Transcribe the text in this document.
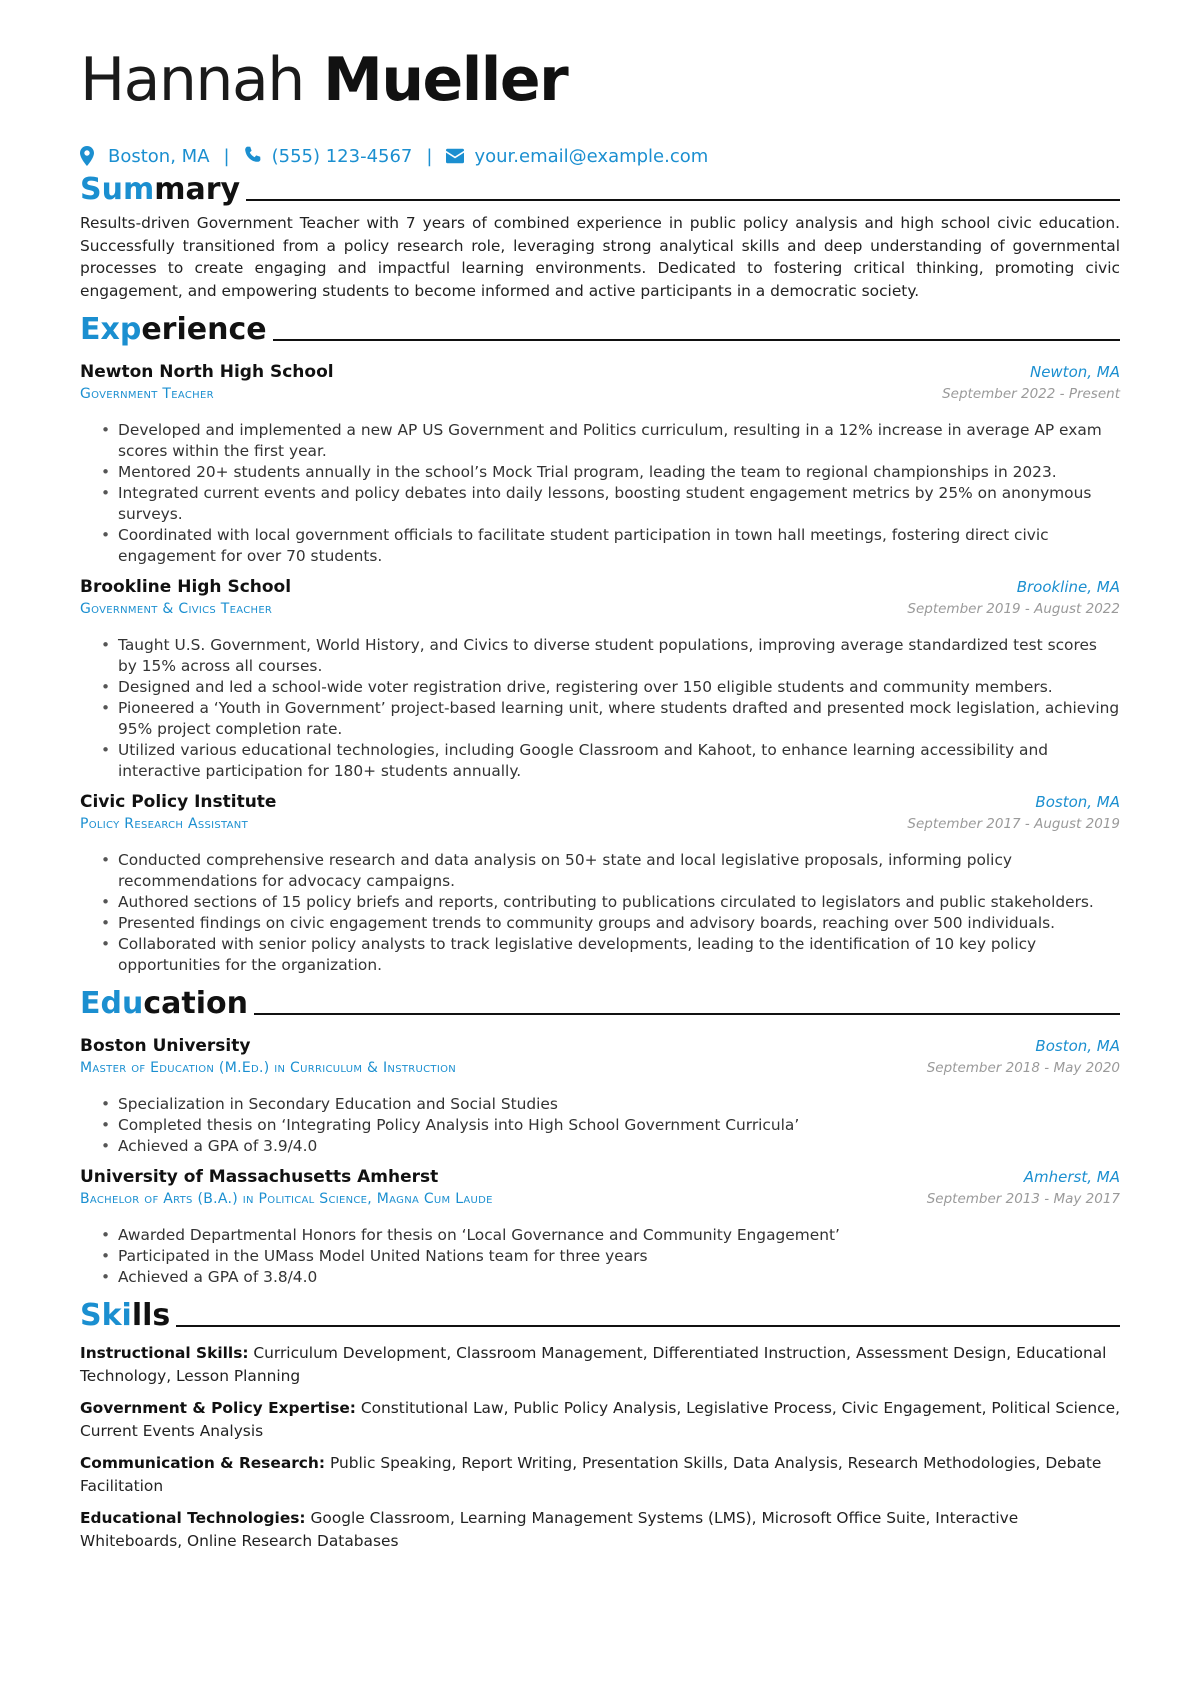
Hannah Mueller
Boston, MA | (555) 123-4567 | your.email@example.com
Summary

Results-driven Government Teacher with 7 years of combined experience in public policy analysis and high school civic education. Successfully transitioned from a policy research role, leveraging strong analytical skills and deep understanding of governmental processes to create engaging and impactful learning environments. Dedicated to fostering critical thinking, promoting civic engagement, and empowering students to become informed and active participants in a democratic society.

Experience
Newton North High School	Newton, MA
Government Teacher	September 2022 - Present
• Developed and implemented a new AP US Government and Politics curriculum, resulting in a 12% increase in average AP exam scores within the first year.
• Mentored 20+ students annually in the school’s Mock Trial program, leading the team to regional championships in 2023.
• Integrated current events and policy debates into daily lessons, boosting student engagement metrics by 25% on anonymous surveys.
• Coordinated with local government officials to facilitate student participation in town hall meetings, fostering direct civic engagement for over 70 students.
Brookline High School	Brookline, MA
Government & Civics Teacher	September 2019 - August 2022
• Taught U.S. Government, World History, and Civics to diverse student populations, improving average standardized test scores by 15% across all courses.
• Designed and led a school-wide voter registration drive, registering over 150 eligible students and community members.
• Pioneered a ‘Youth in Government’ project-based learning unit, where students drafted and presented mock legislation, achieving 95% project completion rate.
• Utilized various educational technologies, including Google Classroom and Kahoot, to enhance learning accessibility and interactive participation for 180+ students annually.
Civic Policy Institute	Boston, MA
Policy Research Assistant	September 2017 - August 2019
• Conducted comprehensive research and data analysis on 50+ state and local legislative proposals, informing policy recommendations for advocacy campaigns.
• Authored sections of 15 policy briefs and reports, contributing to publications circulated to legislators and public stakeholders.
• Presented findings on civic engagement trends to community groups and advisory boards, reaching over 500 individuals.
• Collaborated with senior policy analysts to track legislative developments, leading to the identification of 10 key policy opportunities for the organization.
Education
Boston University	Boston, MA
Master of Education (M.Ed.) in Curriculum & Instruction	September 2018 - May 2020
• Specialization in Secondary Education and Social Studies
• Completed thesis on ‘Integrating Policy Analysis into High School Government Curricula’
• Achieved a GPA of 3.9/4.0
University of Massachusetts Amherst	Amherst, MA
Bachelor of Arts (B.A.) in Political Science, Magna Cum Laude	September 2013 - May 2017
• Awarded Departmental Honors for thesis on ‘Local Governance and Community Engagement’
• Participated in the UMass Model United Nations team for three years
• Achieved a GPA of 3.8/4.0
Skills

Instructional Skills: Curriculum Development, Classroom Management, Differentiated Instruction, Assessment Design, Educational Technology, Lesson Planning

Government & Policy Expertise: Constitutional Law, Public Policy Analysis, Legislative Process, Civic Engagement, Political Science, Current Events Analysis

Communication & Research: Public Speaking, Report Writing, Presentation Skills, Data Analysis, Research Methodologies, Debate Facilitation

Educational Technologies: Google Classroom, Learning Management Systems (LMS), Microsoft Office Suite, Interactive Whiteboards, Online Research Databases
